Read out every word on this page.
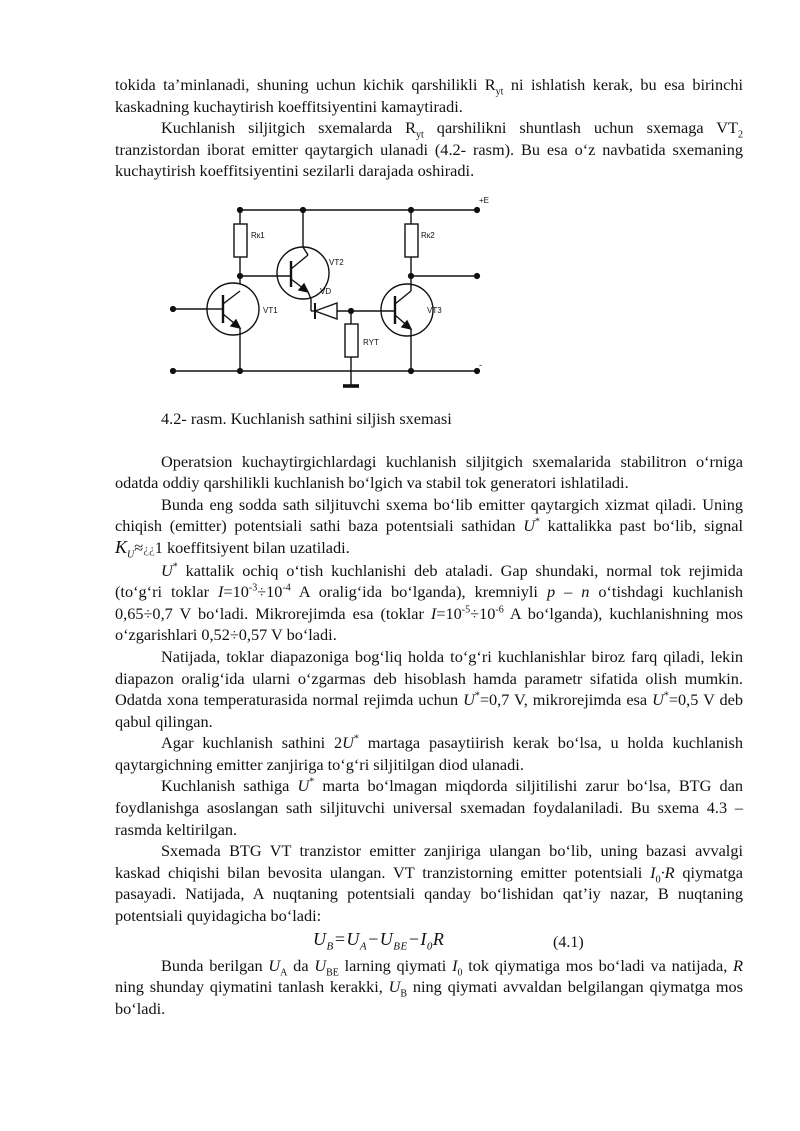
tokida ta’minlanadi, shuning uchun kichik qarshilikli $R_{yt}$ ni ishlatish kerak, bu esa birinchi kaskadning kuchaytirish koeffitsiyentini kamaytiradi.

Kuchlanish siljitgich sxemalarda $R_{yt}$ qarshilikni shuntlash uchun sxemaga $VT_2$ tranzistordan iborat emitter qaytargich ulanadi (4.2- rasm). Bu esa o‘z navbatida sxemaning kuchaytirish koeffitsiyentini sezilarli darajada oshiradi.

+E
Rк1
VT2
VT1
VD
RYT
VT3
Rк2
-

4.2- rasm. Kuchlanish sathini siljish sxemasi

Operatsion kuchaytirgichlardagi kuchlanish siljitgich sxemalarida stabilitron o‘rniga odatda oddiy qarshilikli kuchlanish bo‘lgich va stabil tok generatori ishlatiladi.

Bunda eng sodda sath siljituvchi sxema bo‘lib emitter qaytargich xizmat qiladi. Uning chiqish (emitter) potentsiali sathi baza potentsiali sathidan U* kattalikka past bo‘lib, signal $K_U\approx¿¿1$ koeffitsiyent bilan uzatiladi.

U* kattalik ochiq o‘tish kuchlanishi deb ataladi. Gap shundaki, normal tok rejimida (to‘g‘ri toklar $I=10^{-3}\div 10^{-4}$ A oralig‘ida bo‘lganda), kremniyli p – n o‘tishdagi kuchlanish 0,65÷0,7 V bo‘ladi. Mikrorejimda esa (toklar $I=10^{-5}\div 10^{-6}$ A bo‘lganda), kuchlanishning mos o‘zgarishlari 0,52÷0,57 V bo‘ladi.

Natijada, toklar diapazoniga bog‘liq holda to‘g‘ri kuchlanishlar biroz farq qiladi, lekin diapazon oralig‘ida ularni o‘zgarmas deb hisoblash hamda parametr sifatida olish mumkin. Odatda xona temperaturasida normal rejimda uchun U*=0,7 V, mikrorejimda esa U*=0,5 V deb qabul qilingan.

Agar kuchlanish sathini 2U* martaga pasaytiirish kerak bo‘lsa, u holda kuchlanish qaytargichning emitter zanjiriga to‘g‘ri siljitilgan diod ulanadi.

Kuchlanish sathiga U* marta bo‘lmagan miqdorda siljitilishi zarur bo‘lsa, BTG dan foydlanishga asoslangan sath siljituvchi universal sxemadan foydalaniladi. Bu sxema 4.3 – rasmda keltirilgan.

Sxemada BTG VT tranzistor emitter zanjiriga ulangan bo‘lib, uning bazasi avvalgi kaskad chiqishi bilan bevosita ulangan. VT tranzistorning emitter potentsiali $I_0\cdot R$ qiymatga pasayadi. Natijada, A nuqtaning potentsiali qanday bo‘lishidan qat’iy nazar, B nuqtaning potentsiali quyidagicha bo‘ladi:

$U_B=U_A-U_{BE}-I_0R$	(4.1)

Bunda berilgan $U_A$ da $U_{BE}$ larning qiymati $I_0$ tok qiymatiga mos bo‘ladi va natijada, R ning shunday qiymatini tanlash kerakki, $U_B$ ning qiymati avvaldan belgilangan qiymatga mos bo‘ladi.
